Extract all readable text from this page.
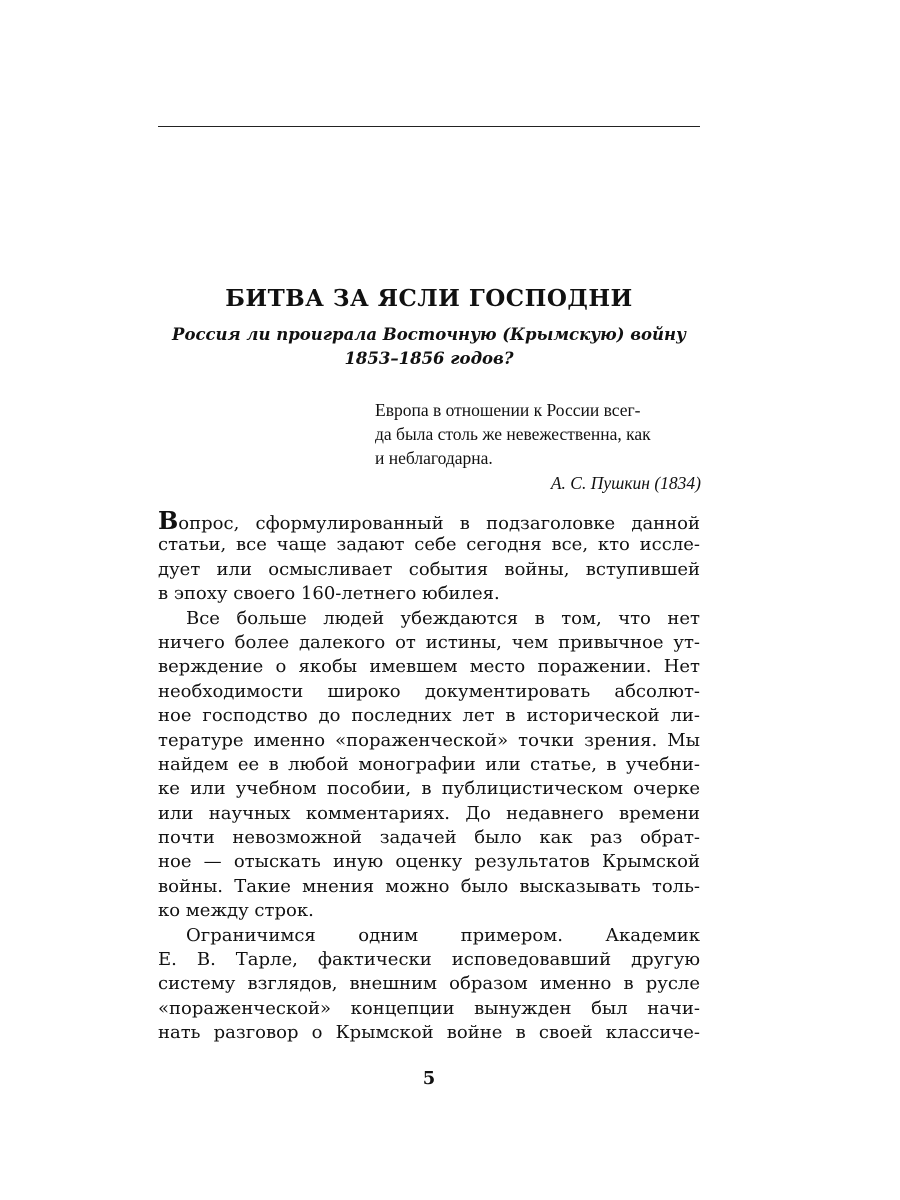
БИТВА ЗА ЯСЛИ ГОСПОДНИ
Россия ли проиграла Восточную (Крымскую) войну
1853–1856 годов?
Европа в отношении к России всег-
да была столь же невежественна, как
и неблагодарна.
А. С. Пушкин (1834)
Вопрос, сформулированный в подзаголовке данной
статьи, все чаще задают себе сегодня все, кто иссле-
дует или осмысливает события войны, вступившей
в эпоху своего 160-летнего юбилея.
Все больше людей убеждаются в том, что нет
ничего более далекого от истины, чем привычное ут-
верждение о якобы имевшем место поражении. Нет
необходимости широко документировать абсолют-
ное господство до последних лет в исторической ли-
тературе именно «пораженческой» точки зрения. Мы
найдем ее в любой монографии или статье, в учебни-
ке или учебном пособии, в публицистическом очерке
или научных комментариях. До недавнего времени
почти невозможной задачей было как раз обрат-
ное — отыскать иную оценку результатов Крымской
войны. Такие мнения можно было высказывать толь-
ко между строк.
Ограничимся одним примером. Академик
Е. В. Тарле, фактически исповедовавший другую
систему взглядов, внешним образом именно в русле
«пораженческой» концепции вынужден был начи-
нать разговор о Крымской войне в своей классиче-
5
